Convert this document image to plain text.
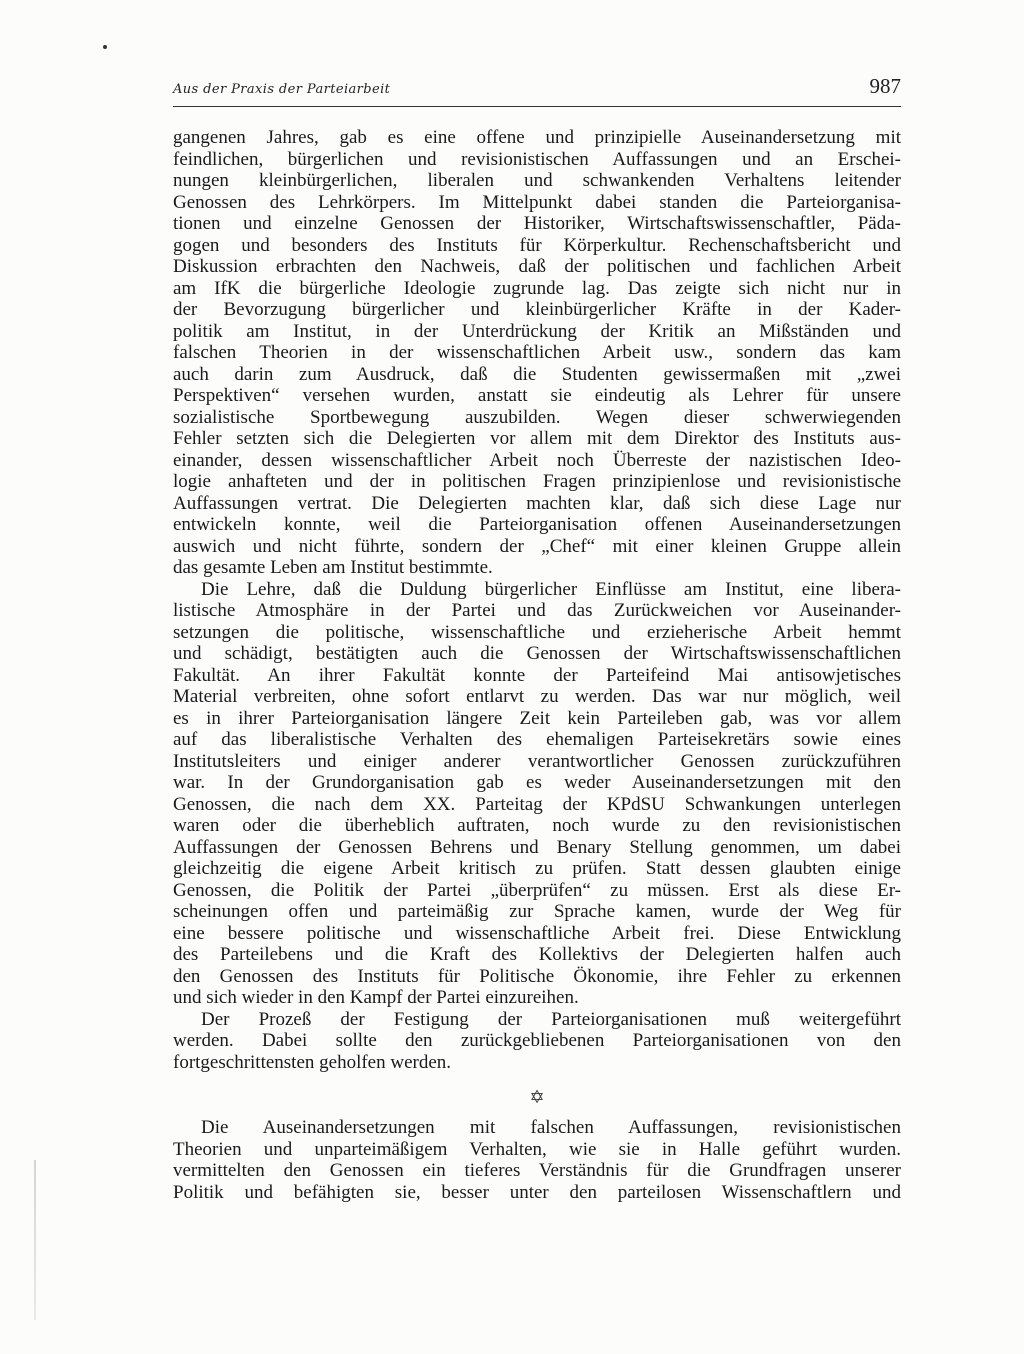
Aus der Praxis der Parteiarbeit	987
gangenen Jahres, gab es eine offene und prinzipielle Auseinandersetzung mit
feindlichen, bürgerlichen und revisionistischen Auffassungen und an Erschei-
nungen kleinbürgerlichen, liberalen und schwankenden Verhaltens leitender
Genossen des Lehrkörpers. Im Mittelpunkt dabei standen die Parteiorganisa-
tionen und einzelne Genossen der Historiker, Wirtschaftswissenschaftler, Päda-
gogen und besonders des Instituts für Körperkultur. Rechenschaftsbericht und
Diskussion erbrachten den Nachweis, daß der politischen und fachlichen Arbeit
am IfK die bürgerliche Ideologie zugrunde lag. Das zeigte sich nicht nur in
der Bevorzugung bürgerlicher und kleinbürgerlicher Kräfte in der Kader-
politik am Institut, in der Unterdrückung der Kritik an Mißständen und
falschen Theorien in der wissenschaftlichen Arbeit usw., sondern das kam
auch darin zum Ausdruck, daß die Studenten gewissermaßen mit „zwei
Perspektiven“ versehen wurden, anstatt sie eindeutig als Lehrer für unsere
sozialistische Sportbewegung auszubilden. Wegen dieser schwerwiegenden
Fehler setzten sich die Delegierten vor allem mit dem Direktor des Instituts aus-
einander, dessen wissenschaftlicher Arbeit noch Überreste der nazistischen Ideo-
logie anhafteten und der in politischen Fragen prinzipienlose und revisionistische
Auffassungen vertrat. Die Delegierten machten klar, daß sich diese Lage nur
entwickeln konnte, weil die Parteiorganisation offenen Auseinandersetzungen
auswich und nicht führte, sondern der „Chef“ mit einer kleinen Gruppe allein
das gesamte Leben am Institut bestimmte.
Die Lehre, daß die Duldung bürgerlicher Einflüsse am Institut, eine libera-
listische Atmosphäre in der Partei und das Zurückweichen vor Auseinander-
setzungen die politische, wissenschaftliche und erzieherische Arbeit hemmt
und schädigt, bestätigten auch die Genossen der Wirtschaftswissenschaftlichen
Fakultät. An ihrer Fakultät konnte der Parteifeind Mai antisowjetisches
Material verbreiten, ohne sofort entlarvt zu werden. Das war nur möglich, weil
es in ihrer Parteiorganisation längere Zeit kein Parteileben gab, was vor allem
auf das liberalistische Verhalten des ehemaligen Parteisekretärs sowie eines
Institutsleiters und einiger anderer verantwortlicher Genossen zurückzuführen
war. In der Grundorganisation gab es weder Auseinandersetzungen mit den
Genossen, die nach dem XX. Parteitag der KPdSU Schwankungen unterlegen
waren oder die überheblich auftraten, noch wurde zu den revisionistischen
Auffassungen der Genossen Behrens und Benary Stellung genommen, um dabei
gleichzeitig die eigene Arbeit kritisch zu prüfen. Statt dessen glaubten einige
Genossen, die Politik der Partei „überprüfen“ zu müssen. Erst als diese Er-
scheinungen offen und parteimäßig zur Sprache kamen, wurde der Weg für
eine bessere politische und wissenschaftliche Arbeit frei. Diese Entwicklung
des Parteilebens und die Kraft des Kollektivs der Delegierten halfen auch
den Genossen des Instituts für Politische Ökonomie, ihre Fehler zu erkennen
und sich wieder in den Kampf der Partei einzureihen.
Der Prozeß der Festigung der Parteiorganisationen muß weitergeführt
werden. Dabei sollte den zurückgebliebenen Parteiorganisationen von den
fortgeschrittensten geholfen werden.
✡
Die Auseinandersetzungen mit falschen Auffassungen, revisionistischen
Theorien und unparteimäßigem Verhalten, wie sie in Halle geführt wurden.
vermittelten den Genossen ein tieferes Verständnis für die Grundfragen unserer
Politik und befähigten sie, besser unter den parteilosen Wissenschaftlern und
